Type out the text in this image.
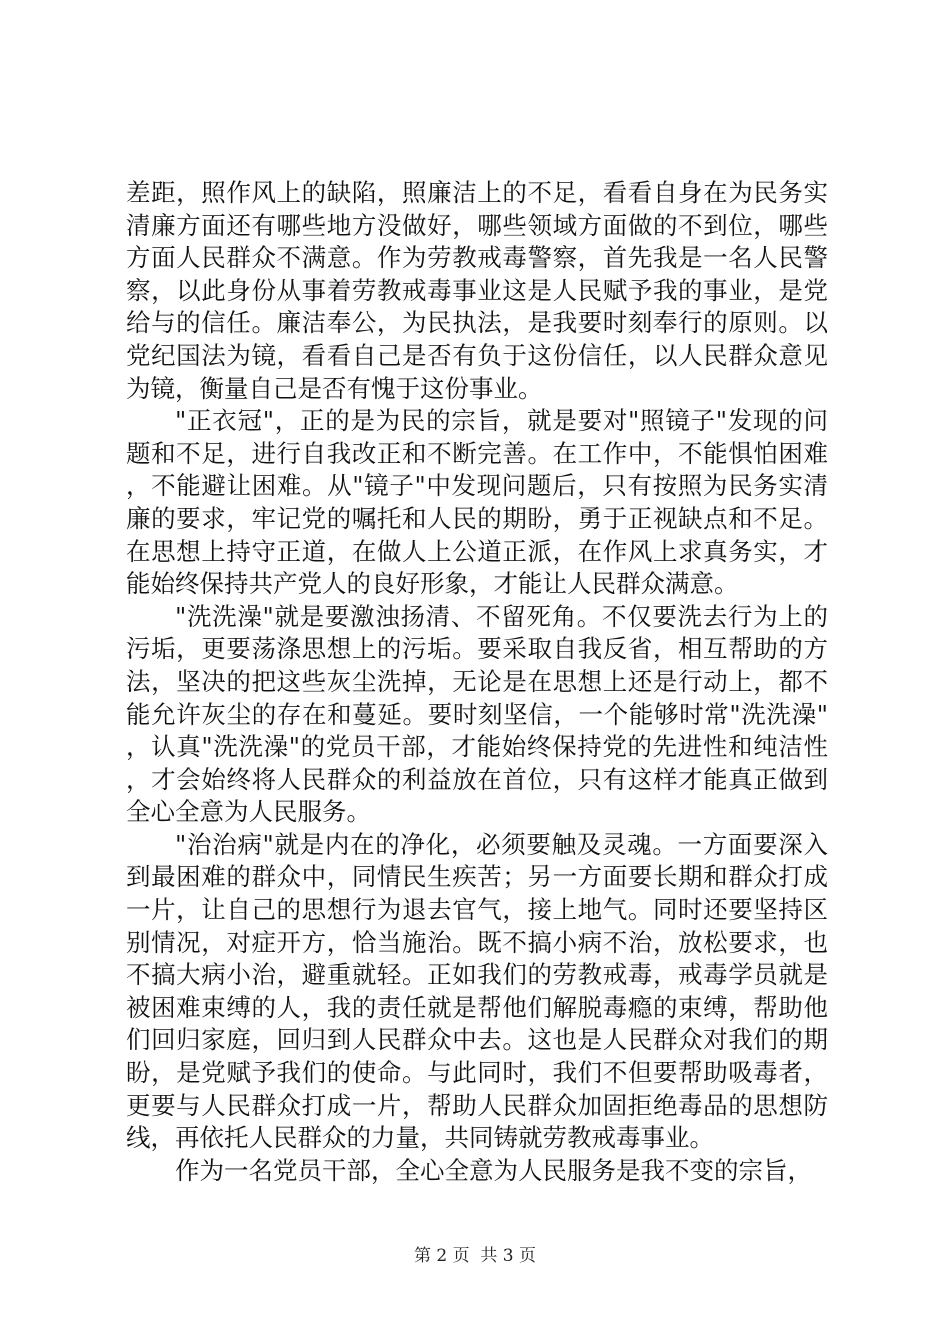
差距，照作风上的缺陷，照廉洁上的不足，看看自身在为民务实清廉方面还有哪些地方没做好，哪些领域方面做的不到位，哪些方面人民群众不满意。作为劳教戒毒警察，首先我是一名人民警察，以此身份从事着劳教戒毒事业这是人民赋予我的事业，是党给与的信任。廉洁奉公，为民执法，是我要时刻奉行的原则。以党纪国法为镜，看看自己是否有负于这份信任，以人民群众意见为镜，衡量自己是否有愧于这份事业。

"正衣冠"，正的是为民的宗旨，就是要对"照镜子"发现的问题和不足，进行自我改正和不断完善。在工作中，不能惧怕困难，不能避让困难。从"镜子"中发现问题后，只有按照为民务实清廉的要求，牢记党的嘱托和人民的期盼，勇于正视缺点和不足。在思想上持守正道，在做人上公道正派，在作风上求真务实，才能始终保持共产党人的良好形象，才能让人民群众满意。

"洗洗澡"就是要激浊扬清、不留死角。不仅要洗去行为上的污垢，更要荡涤思想上的污垢。要采取自我反省，相互帮助的方法，坚决的把这些灰尘洗掉，无论是在思想上还是行动上，都不能允许灰尘的存在和蔓延。要时刻坚信，一个能够时常"洗洗澡"，认真"洗洗澡"的党员干部，才能始终保持党的先进性和纯洁性，才会始终将人民群众的利益放在首位，只有这样才能真正做到全心全意为人民服务。

"治治病"就是内在的净化，必须要触及灵魂。一方面要深入到最困难的群众中，同情民生疾苦；另一方面要长期和群众打成一片，让自己的思想行为退去官气，接上地气。同时还要坚持区别情况，对症开方，恰当施治。既不搞小病不治，放松要求，也不搞大病小治，避重就轻。正如我们的劳教戒毒，戒毒学员就是被困难束缚的人，我的责任就是帮他们解脱毒瘾的束缚，帮助他们回归家庭，回归到人民群众中去。这也是人民群众对我们的期盼，是党赋予我们的使命。与此同时，我们不但要帮助吸毒者，更要与人民群众打成一片，帮助人民群众加固拒绝毒品的思想防线，再依托人民群众的力量，共同铸就劳教戒毒事业。

作为一名党员干部，全心全意为人民服务是我不变的宗旨，

第 2 页  共 3 页
